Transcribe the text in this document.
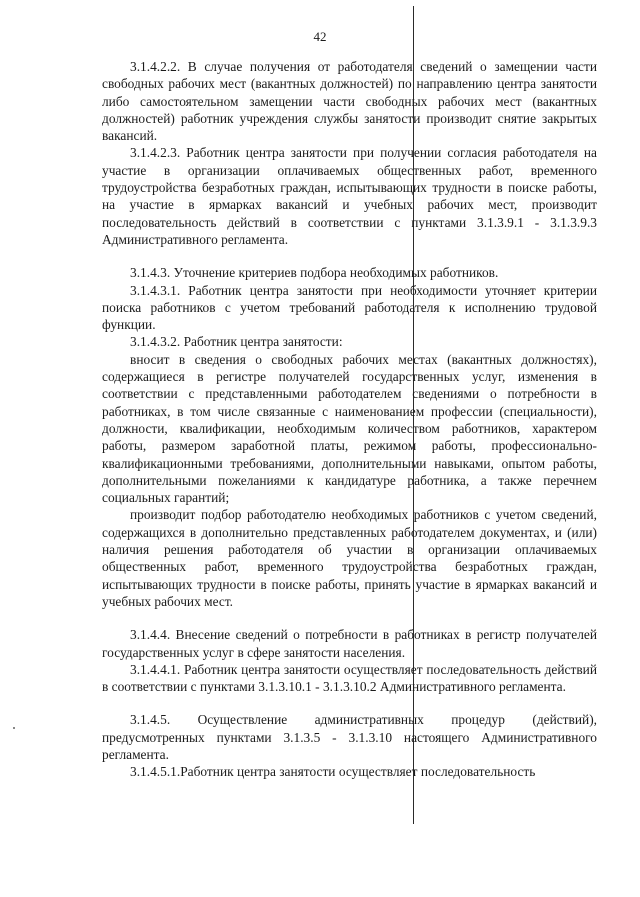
42

3.1.4.2.2. В случае получения от работодателя сведений о замещении части свободных рабочих мест (вакантных должностей) по направлению центра занятости либо самостоятельном замещении части свободных рабочих мест (вакантных должностей) работник учреждения службы занятости производит снятие закрытых вакансий.

3.1.4.2.3. Работник центра занятости при получении согласия работодателя на участие в организации оплачиваемых общественных работ, временного трудоустройства безработных граждан, испытывающих трудности в поиске работы, на участие в ярмарках вакансий и учебных рабочих мест, производит последовательность действий в соответствии с пунктами 3.1.3.9.1 - 3.1.3.9.3 Административного регламента.

3.1.4.3. Уточнение критериев подбора необходимых работников.

3.1.4.3.1. Работник центра занятости при необходимости уточняет критерии поиска работников с учетом требований работодателя к исполнению трудовой функции.

3.1.4.3.2. Работник центра занятости:

вносит в сведения о свободных рабочих местах (вакантных должностях), содержащиеся в регистре получателей государственных услуг, изменения в соответствии с представленными работодателем сведениями о потребности в работниках, в том числе связанные с наименованием профессии (специальности), должности, квалификации, необходимым количеством работников, характером работы, размером заработной платы, режимом работы, профессионально-квалификационными требованиями, дополнительными навыками, опытом работы, дополнительными пожеланиями к кандидатуре работника, а также перечнем социальных гарантий;

производит подбор работодателю необходимых работников с учетом сведений, содержащихся в дополнительно представленных работодателем документах, и (или) наличия решения работодателя об участии в организации оплачиваемых общественных работ, временного трудоустройства безработных граждан, испытывающих трудности в поиске работы, принять участие в ярмарках вакансий и учебных рабочих мест.

3.1.4.4. Внесение сведений о потребности в работниках в регистр получателей государственных услуг в сфере занятости населения.

3.1.4.4.1. Работник центра занятости осуществляет последовательность действий в соответствии с пунктами 3.1.3.10.1 - 3.1.3.10.2 Административного регламента.

3.1.4.5. Осуществление административных процедур (действий), предусмотренных пунктами 3.1.3.5 - 3.1.3.10 настоящего Административного регламента.

3.1.4.5.1.Работник центра занятости осуществляет последовательность
